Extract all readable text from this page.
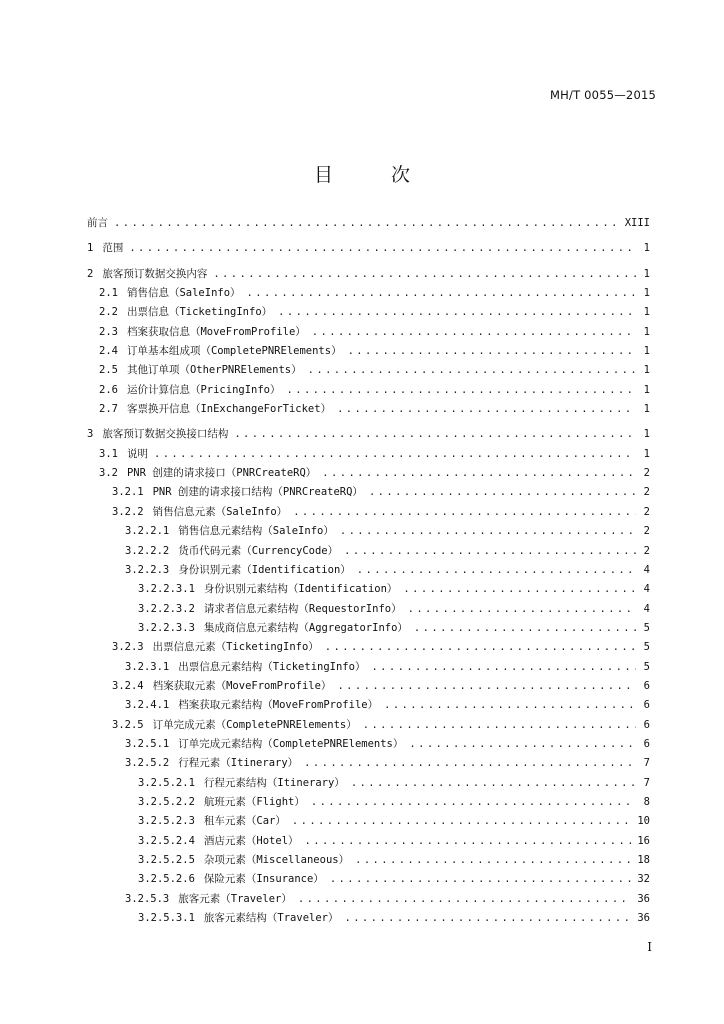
MH/T 0055—2015
目 次
前言 .....	XIII
1 范围 .....	1
2 旅客预订数据交换内容 .....	1
2.1 销售信息（SaleInfo） .....	1
2.2 出票信息（TicketingInfo） .....	1
2.3 档案获取信息（MoveFromProfile） .....	1
2.4 订单基本组成项（CompletePNRElements） .....	1
2.5 其他订单项（OtherPNRElements） .....	1
2.6 运价计算信息（PricingInfo） .....	1
2.7 客票换开信息（InExchangeForTicket） .....	1
3 旅客预订数据交换接口结构 .....	1
3.1 说明 .....	1
3.2 PNR 创建的请求接口（PNRCreateRQ） .....	2
3.2.1 PNR 创建的请求接口结构（PNRCreateRQ） .....	2
3.2.2 销售信息元素（SaleInfo） .....	2
3.2.2.1 销售信息元素结构（SaleInfo） .....	2
3.2.2.2 货币代码元素（CurrencyCode） .....	2
3.2.2.3 身份识别元素（Identification） .....	4
3.2.2.3.1 身份识别元素结构（Identification） .....	4
3.2.2.3.2 请求者信息元素结构（RequestorInfo） .....	4
3.2.2.3.3 集成商信息元素结构（AggregatorInfo） .....	5
3.2.3 出票信息元素（TicketingInfo） .....	5
3.2.3.1 出票信息元素结构（TicketingInfo） .....	5
3.2.4 档案获取元素（MoveFromProfile） .....	6
3.2.4.1 档案获取元素结构（MoveFromProfile） .....	6
3.2.5 订单完成元素（CompletePNRElements） .....	6
3.2.5.1 订单完成元素结构（CompletePNRElements） .....	6
3.2.5.2 行程元素（Itinerary） .....	7
3.2.5.2.1 行程元素结构（Itinerary） .....	7
3.2.5.2.2 航班元素（Flight） .....	8
3.2.5.2.3 租车元素（Car） .....	10
3.2.5.2.4 酒店元素（Hotel） .....	16
3.2.5.2.5 杂项元素（Miscellaneous） .....	18
3.2.5.2.6 保险元素（Insurance） .....	32
3.2.5.3 旅客元素（Traveler） .....	36
3.2.5.3.1 旅客元素结构（Traveler） .....	36
I
